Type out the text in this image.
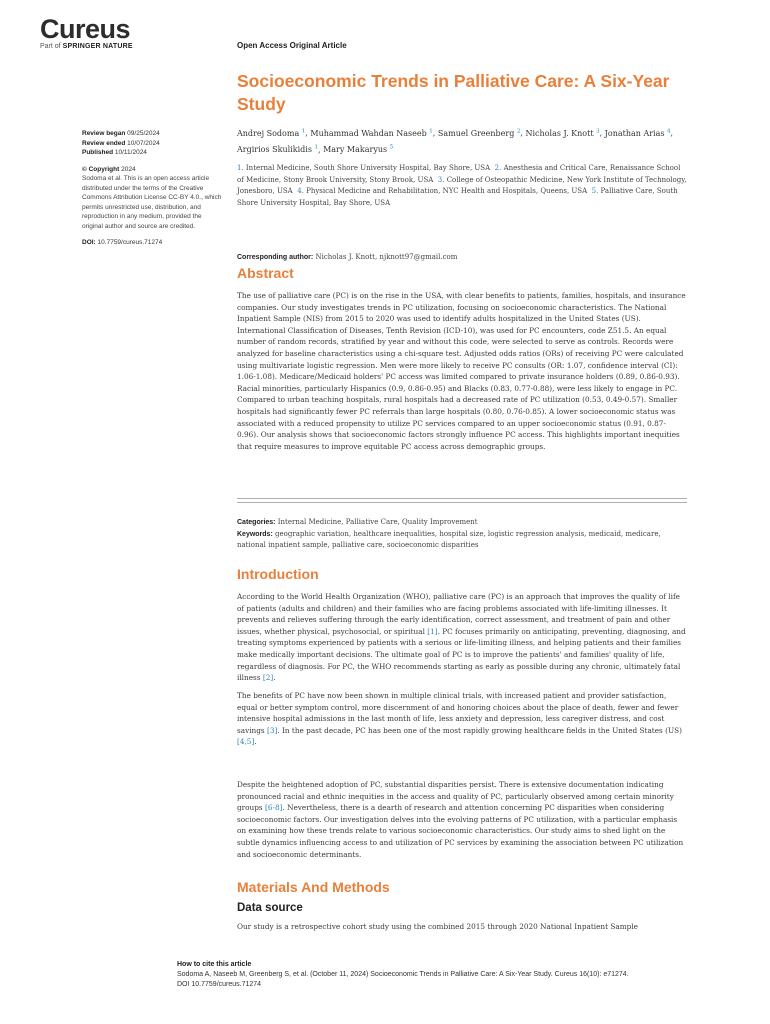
Cureus
Part of SPRINGER NATURE	Open Access Original Article
Socioeconomic Trends in Palliative Care: A Six-Year Study
Andrej Sodoma $^1$, Muhammad Wahdan Naseeb $^1$, Samuel Greenberg $^2$, Nicholas J. Knott $^3$, Jonathan Arias $^4$, Argirios Skulikidis $^1$, Mary Makaryus $^5$
1. Internal Medicine, South Shore University Hospital, Bay Shore, USA 2. Anesthesia and Critical Care, Renaissance School of Medicine, Stony Brook University, Stony Brook, USA 3. College of Osteopathic Medicine, New York Institute of Technology, Jonesboro, USA 4. Physical Medicine and Rehabilitation, NYC Health and Hospitals, Queens, USA 5. Palliative Care, South Shore University Hospital, Bay Shore, USA
Corresponding author: Nicholas J. Knott, njknott97@gmail.com
Review began 09/25/2024
Review ended 10/07/2024
Published 10/11/2024
© Copyright 2024
Sodoma et al. This is an open access article distributed under the terms of the Creative Commons Attribution License CC-BY 4.0., which permits unrestricted use, distribution, and reproduction in any medium, provided the original author and source are credited.
DOI: 10.7759/cureus.71274
Abstract

The use of palliative care (PC) is on the rise in the USA, with clear benefits to patients, families, hospitals, and insurance companies. Our study investigates trends in PC utilization, focusing on socioeconomic characteristics. The National Inpatient Sample (NIS) from 2015 to 2020 was used to identify adults hospitalized in the United States (US). International Classification of Diseases, Tenth Revision (ICD-10), was used for PC encounters, code Z51.5. An equal number of random records, stratified by year and without this code, were selected to serve as controls. Records were analyzed for baseline characteristics using a chi-square test. Adjusted odds ratios (ORs) of receiving PC were calculated using multivariate logistic regression. Men were more likely to receive PC consults (OR: 1.07, confidence interval (CI): 1.06-1.08). Medicare/Medicaid holders' PC access was limited compared to private insurance holders (0.89, 0.86-0.93). Racial minorities, particularly Hispanics (0.9, 0.86-0.95) and Blacks (0.83, 0.77-0.88), were less likely to engage in PC. Compared to urban teaching hospitals, rural hospitals had a decreased rate of PC utilization (0.53, 0.49-0.57). Smaller hospitals had significantly fewer PC referrals than large hospitals (0.80, 0.76-0.85). A lower socioeconomic status was associated with a reduced propensity to utilize PC services compared to an upper socioeconomic status (0.91, 0.87-0.96). Our analysis shows that socioeconomic factors strongly influence PC access. This highlights important inequities that require measures to improve equitable PC access across demographic groups.

Categories: Internal Medicine, Palliative Care, Quality Improvement
Keywords: geographic variation, healthcare inequalities, hospital size, logistic regression analysis, medicaid, medicare, national inpatient sample, palliative care, socioeconomic disparities
Introduction

According to the World Health Organization (WHO), palliative care (PC) is an approach that improves the quality of life of patients (adults and children) and their families who are facing problems associated with life-limiting illnesses. It prevents and relieves suffering through the early identification, correct assessment, and treatment of pain and other issues, whether physical, psychosocial, or spiritual [1]. PC focuses primarily on anticipating, preventing, diagnosing, and treating symptoms experienced by patients with a serious or life-limiting illness, and helping patients and their families make medically important decisions. The ultimate goal of PC is to improve the patients' and families' quality of life, regardless of diagnosis. For PC, the WHO recommends starting as early as possible during any chronic, ultimately fatal illness [2].

The benefits of PC have now been shown in multiple clinical trials, with increased patient and provider satisfaction, equal or better symptom control, more discernment of and honoring choices about the place of death, fewer and fewer intensive hospital admissions in the last month of life, less anxiety and depression, less caregiver distress, and cost savings [3]. In the past decade, PC has been one of the most rapidly growing healthcare fields in the United States (US) [4,5].

Despite the heightened adoption of PC, substantial disparities persist. There is extensive documentation indicating pronounced racial and ethnic inequities in the access and quality of PC, particularly observed among certain minority groups [6-8]. Nevertheless, there is a dearth of research and attention concerning PC disparities when considering socioeconomic factors. Our investigation delves into the evolving patterns of PC utilization, with a particular emphasis on examining how these trends relate to various socioeconomic characteristics. Our study aims to shed light on the subtle dynamics influencing access to and utilization of PC services by examining the association between PC utilization and socioeconomic determinants.

Materials And Methods
Data source

Our study is a retrospective cohort study using the combined 2015 through 2020 National Inpatient Sample

How to cite this article
Sodoma A, Naseeb M, Greenberg S, et al. (October 11, 2024) Socioeconomic Trends in Palliative Care: A Six-Year Study. Cureus 16(10): e71274.
DOI 10.7759/cureus.71274
